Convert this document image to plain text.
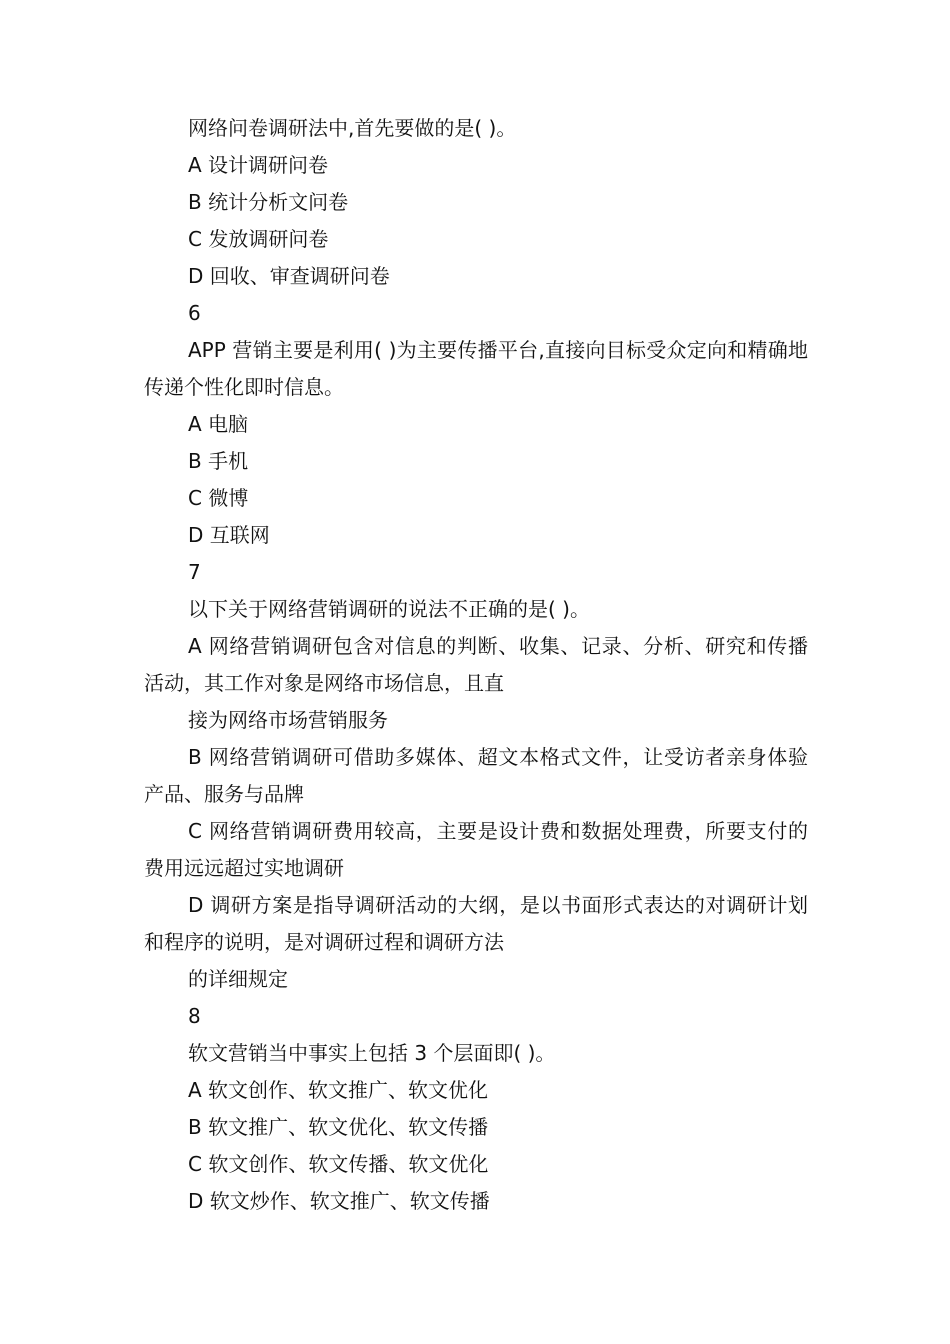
网络问卷调研法中,首先要做的是( )。
A 设计调研问卷
B 统计分析文问卷
C 发放调研问卷
D 回收、审查调研问卷
6
APP 营销主要是利用( )为主要传播平台,直接向目标受众定向和精确地传递个性化即时信息。
A 电脑
B 手机
C 微博
D 互联网
7
以下关于网络营销调研的说法不正确的是( )。
A 网络营销调研包含对信息的判断、收集、记录、分析、研究和传播活动，其工作对象是网络市场信息，且直
接为网络市场营销服务
B 网络营销调研可借助多媒体、超文本格式文件，让受访者亲身体验产品、服务与品牌
C 网络营销调研费用较高，主要是设计费和数据处理费，所要支付的费用远远超过实地调研
D 调研方案是指导调研活动的大纲，是以书面形式表达的对调研计划和程序的说明，是对调研过程和调研方法
的详细规定
8
软文营销当中事实上包括 3 个层面即( )。
A 软文创作、软文推广、软文优化
B 软文推广、软文优化、软文传播
C 软文创作、软文传播、软文优化
D 软文炒作、软文推广、软文传播
